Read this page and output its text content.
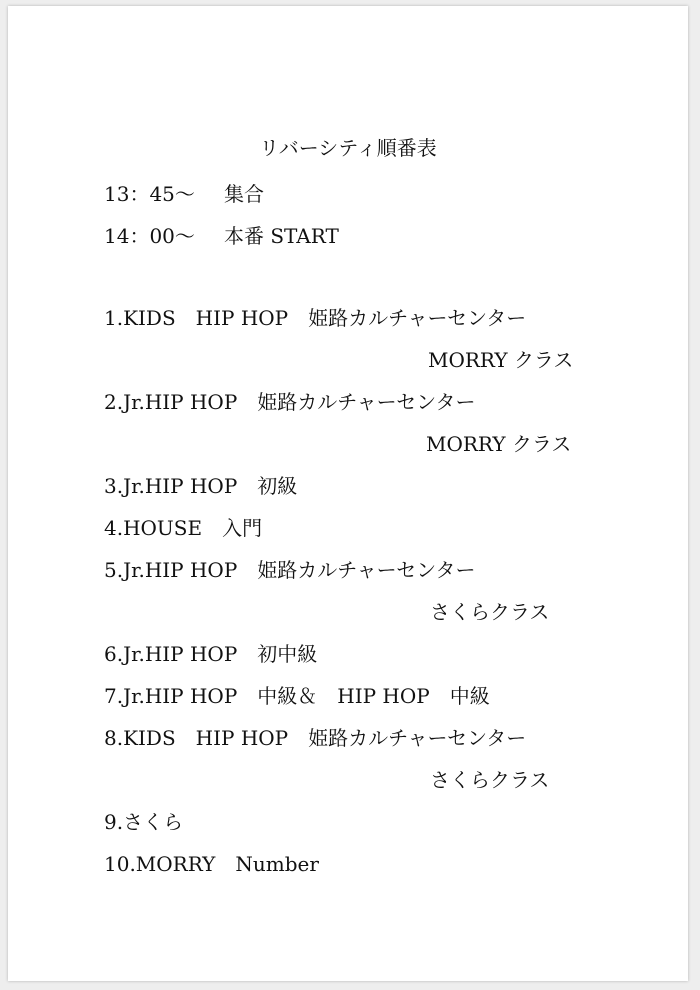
リバーシティ順番表
13：45〜 集合
14：00〜 本番 START
1.KIDS　HIP HOP　姫路カルチャーセンター
MORRY クラス
2.Jr.HIP HOP　姫路カルチャーセンター
MORRY クラス
3.Jr.HIP HOP　初級
4.HOUSE　入門
5.Jr.HIP HOP　姫路カルチャーセンター
さくらクラス
6.Jr.HIP HOP　初中級
7.Jr.HIP HOP　中級＆　HIP HOP　中級
8.KIDS　HIP HOP　姫路カルチャーセンター
さくらクラス
9.さくら
10.MORRY　Number
